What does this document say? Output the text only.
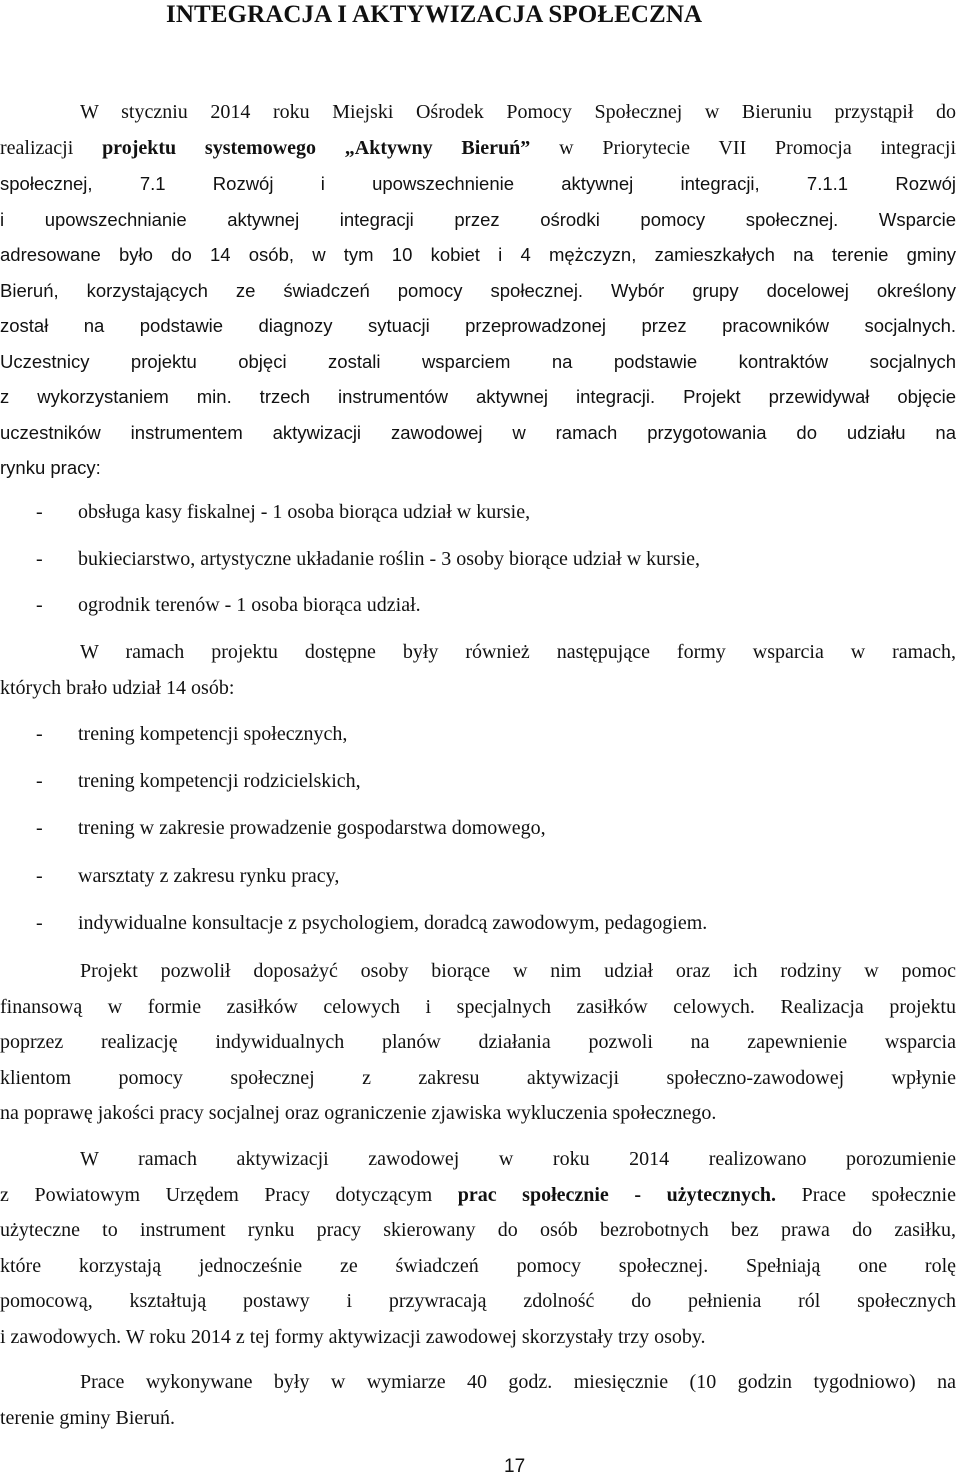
INTEGRACJA I AKTYWIZACJA SPOŁECZNA
W styczniu 2014 roku Miejski Ośrodek Pomocy Społecznej w Bieruniu przystąpił do
realizacji projektu systemowego „Aktywny Bieruń” w Priorytecie VII Promocja integracji
społecznej, 7.1 Rozwój i upowszechnienie aktywnej integracji, 7.1.1 Rozwój
i upowszechnianie aktywnej integracji przez ośrodki pomocy społecznej. Wsparcie
adresowane było do 14 osób, w tym 10 kobiet i 4 mężczyzn, zamieszkałych na terenie gminy
Bieruń, korzystających ze świadczeń pomocy społecznej. Wybór grupy docelowej określony
został na podstawie diagnozy sytuacji przeprowadzonej przez pracowników socjalnych.
Uczestnicy projektu objęci zostali wsparciem na podstawie kontraktów socjalnych
z wykorzystaniem min. trzech instrumentów aktywnej integracji. Projekt przewidywał objęcie
uczestników instrumentem aktywizacji zawodowej w ramach przygotowania do udziału na
rynku pracy:
- obsługa kasy fiskalnej - 1 osoba biorąca udział w kursie,
- bukieciarstwo, artystyczne układanie roślin - 3 osoby biorące udział w kursie,
- ogrodnik terenów - 1 osoba biorąca udział.
W ramach projektu dostępne były również następujące formy wsparcia w ramach,
których brało udział 14 osób:
- trening kompetencji społecznych,
- trening kompetencji rodzicielskich,
- trening w zakresie prowadzenie gospodarstwa domowego,
- warsztaty z zakresu rynku pracy,
- indywidualne konsultacje z psychologiem, doradcą zawodowym, pedagogiem.
Projekt pozwolił doposażyć osoby biorące w nim udział oraz ich rodziny w pomoc
finansową w formie zasiłków celowych i specjalnych zasiłków celowych. Realizacja projektu
poprzez realizację indywidualnych planów działania pozwoli na zapewnienie wsparcia
klientom pomocy społecznej z zakresu aktywizacji społeczno-zawodowej wpłynie
na poprawę jakości pracy socjalnej oraz ograniczenie zjawiska wykluczenia społecznego.
W ramach aktywizacji zawodowej w roku 2014 realizowano porozumienie
z Powiatowym Urzędem Pracy dotyczącym prac społecznie - użytecznych. Prace społecznie
użyteczne to instrument rynku pracy skierowany do osób bezrobotnych bez prawa do zasiłku,
które korzystają jednocześnie ze świadczeń pomocy społecznej. Spełniają one rolę
pomocową, kształtują postawy i przywracają zdolność do pełnienia ról społecznych
i zawodowych. W roku 2014 z tej formy aktywizacji zawodowej skorzystały trzy osoby.
Prace wykonywane były w wymiarze 40 godz. miesięcznie (10 godzin tygodniowo) na
terenie gminy Bieruń.
17
